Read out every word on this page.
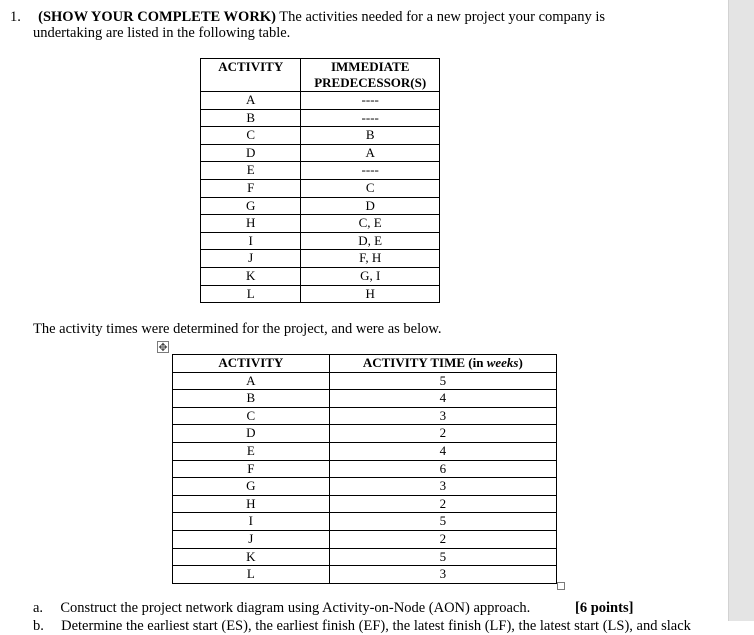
1. (SHOW YOUR COMPLETE WORK) The activities needed for a new project your company is
undertaking are listed in the following table.
ACTIVITY	IMMEDIATE
PREDECESSOR(S)

A	----
B	----
C	B
D	A
E	----
F	C
G	D
H	C, E
I	D, E
J	F, H
K	G, I
L	H
The activity times were determined for the project, and were as below.
✥
ACTIVITY	ACTIVITY TIME (in weeks)
A	5
B	4
C	3
D	2
E	4
F	6
G	3
H	2
I	5
J	2
K	5
L	3
a. Construct the project network diagram using Activity-on-Node (AON) approach.	[6 points]
b. Determine the earliest start (ES), the earliest finish (EF), the latest finish (LF), the latest start (LS), and slack
